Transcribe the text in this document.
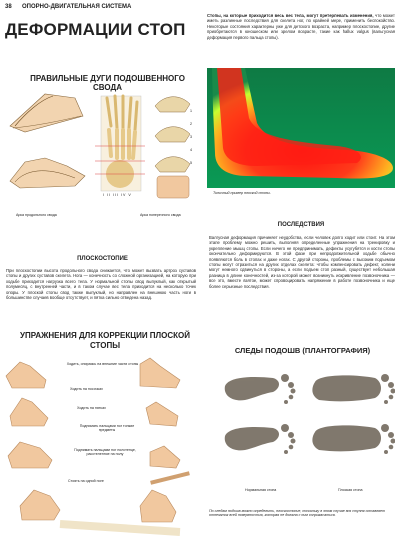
38 ОПОРНО-ДВИГАТЕЛЬНАЯ СИСТЕМА
ДЕФОРМАЦИИ СТОП
Стопы, на которые приходится весь вес тела, могут претерпевать изменения, что может иметь разлинные последствия для скелета ног, по крайней мере, применить беспокойство. Некоторые состояния характерны уже для детского возраста, например плоскостопие, другие приобретаются в юношеском или зрелом возрасте, такие как hallux valgus (вальгусная деформация первого пальца стопы).
Типичный пример плоской стопы.
ПРАВИЛЬНЫЕ ДУГИ ПОДОШВЕННОГО СВОДА
1
2
3
4
5
I II III IV V
Арка продольного свода	Арка поперечного свода
ПОСЛЕДСТВИЯ
Валгусная деформация причиняет неудобства, если человек долго ходит или стоит. На этом этапе проблему можно решить, выполняя определенные упражнения на тренировку и укрепление мышц стопы. Если ничего не предпринимать, дефекты усугубятся и кости стопы окончательно деформируются. В этой фазе при непродолжительной ходьбе обычно появляются боль в стопах и даже ногах. С другой стороны, проблемы с высоким подъемом стопы могут отразиться на других отделах скелета: чтобы компенсировать дефект, колени могут немного сдвинуться в стороны, а если подъем стоп разный, существует небольшая разница в длине конечностей, из-за которой может возникнуть искривление позвоночника — все это, вместе взятое, может спровоцировать напряжение в работе позвоночника и еще более серьезные последствия.
ПЛОСКОСТОПИЕ
При плоскостопии высота продольного свода снижается, что может вызвать артроз суставов стопы и других суставов скелета. Нога — конечность со сложной организацией, на которую при ходьбе приходится нагрузка всего тела. У нормальной стопы свод выпуклый, как открытый полумесяц, с внутренней части, и в таком случае вес тела приходится на несколько точек опоры. У плоской стопы свод также выпуклый, но направлен на внешнюю часть ноги в большинстве случаев вообще отсутствует, и пятка сильно отведена назад.
УПРАЖНЕНИЯ ДЛЯ КОРРЕКЦИИ ПЛОСКОЙ СТОПЫ
Ходить, опираясь на внешние части стопы
Ходить на носочках
Ходить на пятках
Поднимать пальцами ног тонкие предметы
Поднимать пальцами ног полотенце, расстеленное на полу
Стоять на одной ноге
СЛЕДЫ ПОДОШВ (ПЛАНТОГРАФИЯ)
Нормальная стопа	Плоская стопа
По следам подошв можно определить, плоскостопие, поскольку в этом случае вся ступня оставляет отпечаток всей поверхностью, которая не должна с ним соприкасаться.
